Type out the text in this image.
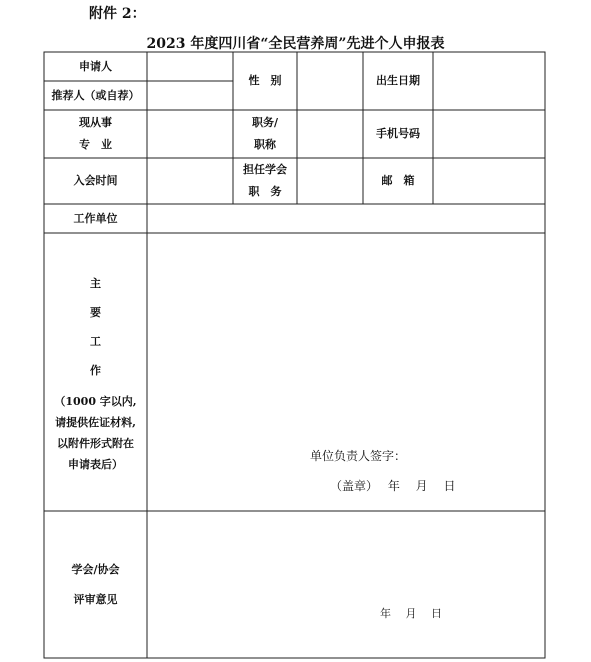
附件 2：
2023 年度四川省“全民营养周”先进个人申报表
申请人
推荐人（或自荐）
性　别	出生日期
现从事
专　业
职务/
职称
手机号码
入会时间
担任学会
职　务
邮　箱
工作单位
主
要
工
作
（1000 字以内,
请提供佐证材料,
以附件形式附在
申请表后）
单位负责人签字：
（盖章）　 年　 月　 日
学会/协会
评审意见
年　 月　 日
